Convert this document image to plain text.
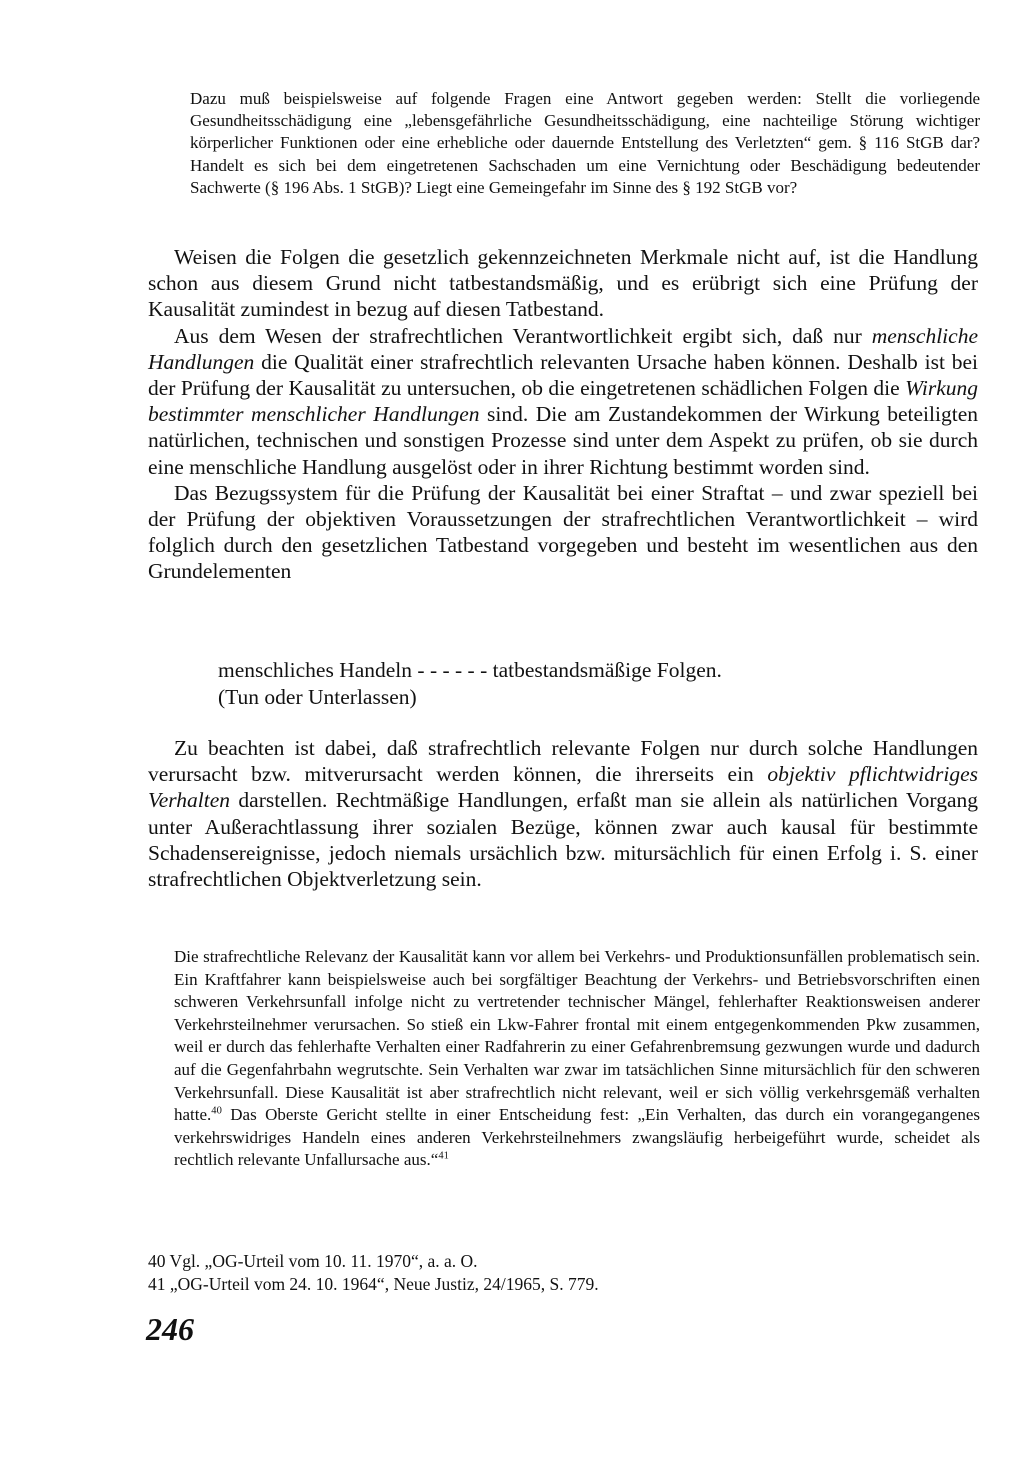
Dazu muß beispielsweise auf folgende Fragen eine Antwort gegeben werden: Stellt die vorliegende Gesundheitsschädigung eine „lebensgefährliche Gesundheitsschädigung, eine nachteilige Störung wichtiger körperlicher Funktionen oder eine erhebliche oder dauernde Entstellung des Verletzten“ gem. § 116 StGB dar? Handelt es sich bei dem eingetretenen Sachschaden um eine Vernichtung oder Beschädigung bedeutender Sachwerte (§ 196 Abs. 1 StGB)? Liegt eine Gemeingefahr im Sinne des § 192 StGB vor?

Weisen die Folgen die gesetzlich gekennzeichneten Merkmale nicht auf, ist die Handlung schon aus diesem Grund nicht tatbestandsmäßig, und es erübrigt sich eine Prüfung der Kausalität zumindest in bezug auf diesen Tatbestand.

Aus dem Wesen der strafrechtlichen Verantwortlichkeit ergibt sich, daß nur menschliche Handlungen die Qualität einer strafrechtlich relevanten Ursache haben können. Deshalb ist bei der Prüfung der Kausalität zu untersuchen, ob die eingetretenen schädlichen Folgen die Wirkung bestimmter menschlicher Handlungen sind. Die am Zustandekommen der Wirkung beteiligten natürlichen, technischen und sonstigen Prozesse sind unter dem Aspekt zu prüfen, ob sie durch eine menschliche Handlung ausgelöst oder in ihrer Richtung bestimmt worden sind.

Das Bezugssystem für die Prüfung der Kausalität bei einer Straftat – und zwar speziell bei der Prüfung der objektiven Voraussetzungen der strafrechtlichen Verantwortlichkeit – wird folglich durch den gesetzlichen Tatbestand vorgegeben und besteht im wesentlichen aus den Grundelementen

menschliches Handeln - - - - - - tatbestandsmäßige Folgen.
(Tun oder Unterlassen)

Zu beachten ist dabei, daß strafrechtlich relevante Folgen nur durch solche Handlungen verursacht bzw. mitverursacht werden können, die ihrerseits ein objektiv pflichtwidriges Verhalten darstellen. Rechtmäßige Handlungen, erfaßt man sie allein als natürlichen Vorgang unter Außerachtlassung ihrer sozialen Bezüge, können zwar auch kausal für bestimmte Schadensereignisse, jedoch niemals ursächlich bzw. mitursächlich für einen Erfolg i. S. einer strafrechtlichen Objektverletzung sein.

Die strafrechtliche Relevanz der Kausalität kann vor allem bei Verkehrs- und Produktionsunfällen problematisch sein. Ein Kraftfahrer kann beispielsweise auch bei sorgfältiger Beachtung der Verkehrs- und Betriebsvorschriften einen schweren Verkehrsunfall infolge nicht zu vertretender technischer Mängel, fehlerhafter Reaktionsweisen anderer Verkehrsteilnehmer verursachen. So stieß ein Lkw-Fahrer frontal mit einem entgegenkommenden Pkw zusammen, weil er durch das fehlerhafte Verhalten einer Radfahrerin zu einer Gefahrenbremsung gezwungen wurde und dadurch auf die Gegenfahrbahn wegrutschte. Sein Verhalten war zwar im tatsächlichen Sinne mitursächlich für den schweren Verkehrsunfall. Diese Kausalität ist aber strafrechtlich nicht relevant, weil er sich völlig verkehrsgemäß verhalten hatte.$^{40}$ Das Oberste Gericht stellte in einer Entscheidung fest: „Ein Verhalten, das durch ein vorangegangenes verkehrswidriges Handeln eines anderen Verkehrsteilnehmers zwangsläufig herbeigeführt wurde, scheidet als rechtlich relevante Unfallursache aus.“$^{41}$

40 Vgl. „OG-Urteil vom 10. 11. 1970“, a. a. O.
41 „OG-Urteil vom 24. 10. 1964“, Neue Justiz, 24/1965, S. 779.
246
